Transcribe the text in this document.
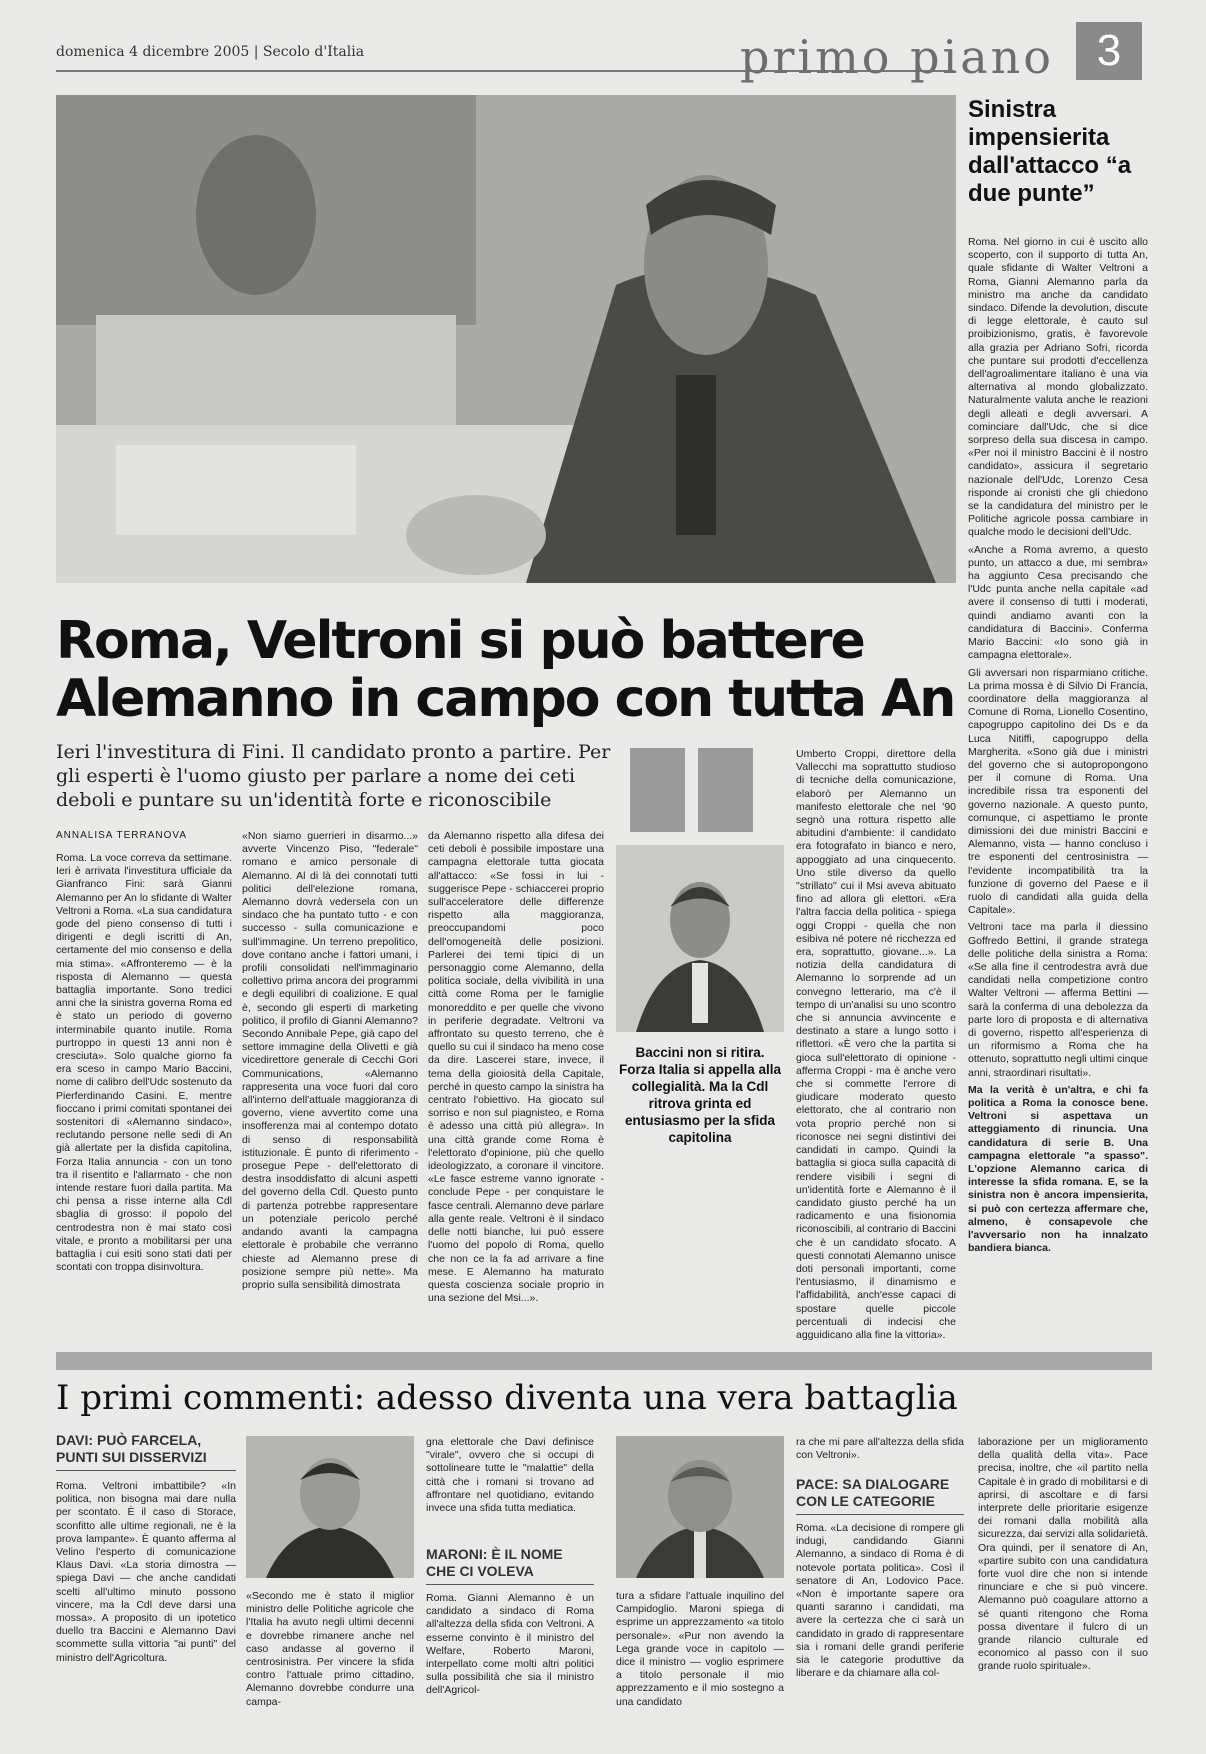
domenica 4 dicembre 2005 | Secolo d'Italia	primo piano 3
Sinistra impensierita dall'attacco “a due punte”

Roma. Nel giorno in cui è uscito allo scoperto, con il supporto di tutta An, quale sfidante di Walter Veltroni a Roma, Gianni Alemanno parla da ministro ma anche da candidato sindaco. Difende la devolution, discute di legge elettorale, è cauto sul proibizionismo, gratis, è favorevole alla grazia per Adriano Sofri, ricorda che puntare sui prodotti d'eccellenza dell'agroalimentare italiano è una via alternativa al mondo globalizzato. Naturalmente valuta anche le reazioni degli alleati e degli avversari. A cominciare dall'Udc, che si dice sorpreso della sua discesa in campo. «Per noi il ministro Baccini è il nostro candidato», assicura il segretario nazionale dell'Udc, Lorenzo Cesa risponde ai cronisti che gli chiedono se la candidatura del ministro per le Politiche agricole possa cambiare in qualche modo le decisioni dell'Udc.

«Anche a Roma avremo, a questo punto, un attacco a due, mi sembra» ha aggiunto Cesa precisando che l'Udc punta anche nella capitale «ad avere il consenso di tutti i moderati, quindi andiamo avanti con la candidatura di Baccini». Conferma Mario Baccini: «Io sono già in campagna elettorale».

Gli avversari non risparmiano critiche. La prima mossa è di Silvio Di Francia, coordinatore della maggioranza al Comune di Roma, Lionello Cosentino, capogruppo capitolino dei Ds e da Luca Nitiffi, capogruppo della Margherita. «Sono già due i ministri del governo che si autopropongono per il comune di Roma. Una incredibile rissa tra esponenti del governo nazionale. A questo punto, comunque, ci aspettiamo le pronte dimissioni dei due ministri Baccini e Alemanno, vista — hanno concluso i tre esponenti del centrosinistra — l'evidente incompatibilità tra la funzione di governo del Paese e il ruolo di candidati alla guida della Capitale».

Veltroni tace ma parla il diessino Goffredo Bettini, il grande stratega delle politiche della sinistra a Roma: «Se alla fine il centrodestra avrà due candidati nella competizione contro Walter Veltroni — afferma Bettini — sarà la conferma di una debolezza da parte loro di proposta e di alternativa di governo, rispetto all'esperienza di un riformismo a Roma che ha ottenuto, soprattutto negli ultimi cinque anni, straordinari risultati».

Ma la verità è un'altra, e chi fa politica a Roma la conosce bene. Veltroni si aspettava un atteggiamento di rinuncia. Una candidatura di serie B. Una campagna elettorale "a spasso". L'opzione Alemanno carica di interesse la sfida romana. E, se la sinistra non è ancora impensierita, si può con certezza affermare che, almeno, è consapevole che l'avversario non ha innalzato bandiera bianca.

Roma, Veltroni si può battere
Alemanno in campo con tutta An
Ieri l'investitura di Fini. Il candidato pronto a partire. Per gli esperti è l'uomo giusto per parlare a nome dei ceti deboli e puntare su un'identità forte e riconoscibile
ANNALISA TERRANOVA

Roma. La voce correva da settimane. Ieri è arrivata l'investitura ufficiale da Gianfranco Fini: sarà Gianni Alemanno per An lo sfidante di Walter Veltroni a Roma. «La sua candidatura gode del pieno consenso di tutti i dirigenti e degli iscritti di An, certamente del mio consenso e della mia stima». «Affronteremo — è la risposta di Alemanno — questa battaglia importante. Sono tredici anni che la sinistra governa Roma ed è stato un periodo di governo interminabile quanto inutile. Roma purtroppo in questi 13 anni non è cresciuta». Solo qualche giorno fa era sceso in campo Mario Baccini, nome di calibro dell'Udc sostenuto da Pierferdinando Casini. E, mentre fioccano i primi comitati spontanei dei sostenitori di «Alemanno sindaco», reclutando persone nelle sedi di An già allertate per la disfida capitolina, Forza Italia annuncia - con un tono tra il risentito e l'allarmato - che non intende restare fuori dalla partita. Ma chi pensa a risse interne alla Cdl sbaglia di grosso: il popolo del centrodestra non è mai stato così vitale, e pronto a mobilitarsi per una battaglia i cui esiti sono stati dati per scontati con troppa disinvoltura.

«Non siamo guerrieri in disarmo...» avverte Vincenzo Piso, "federale" romano e amico personale di Alemanno. Al di là dei connotati tutti politici dell'elezione romana, Alemanno dovrà vedersela con un sindaco che ha puntato tutto - e con successo - sulla comunicazione e sull'immagine. Un terreno prepolitico, dove contano anche i fattori umani, i profili consolidati nell'immaginario collettivo prima ancora dei programmi e degli equilibri di coalizione. E qual è, secondo gli esperti di marketing politico, il profilo di Gianni Alemanno? Secondo Annibale Pepe, già capo del settore immagine della Olivetti e già vicedirettore generale di Cecchi Gori Communications, «Alemanno rappresenta una voce fuori dal coro all'interno dell'attuale maggioranza di governo, viene avvertito come una insofferenza mai al contempo dotato di senso di responsabilità istituzionale. È punto di riferimento - prosegue Pepe - dell'elettorato di destra insoddisfatto di alcuni aspetti del governo della Cdl. Questo punto di partenza potrebbe rappresentare un potenziale pericolo perché andando avanti la campagna elettorale è probabile che verranno chieste ad Alemanno prese di posizione sempre più nette». Ma proprio sulla sensibilità dimostrata

da Alemanno rispetto alla difesa dei ceti deboli è possibile impostare una campagna elettorale tutta giocata all'attacco: «Se fossi in lui - suggerisce Pepe - schiaccerei proprio sull'acceleratore delle differenze rispetto alla maggioranza, preoccupandomi poco dell'omogeneità delle posizioni. Parlerei dei temi tipici di un personaggio come Alemanno, della politica sociale, della vivibilità in una città come Roma per le famiglie monoreddito e per quelle che vivono in periferie degradate. Veltroni va affrontato su questo terreno, che è quello su cui il sindaco ha meno cose da dire. Lascerei stare, invece, il tema della gioiosità della Capitale, perché in questo campo la sinistra ha centrato l'obiettivo. Ha giocato sul sorriso e non sul piagnisteo, e Roma è adesso una città più allegra». In una città grande come Roma è l'elettorato d'opinione, più che quello ideologizzato, a coronare il vincitore. «Le fasce estreme vanno ignorate - conclude Pepe - per conquistare le fasce centrali. Alemanno deve parlare alla gente reale. Veltroni è il sindaco delle notti bianche, lui può essere l'uomo del popolo di Roma, quello che non ce la fa ad arrivare a fine mese. E Alemanno ha maturato questa coscienza sociale proprio in una sezione del Msi...».

Baccini non si ritira. Forza Italia si appella alla collegialità. Ma la Cdl ritrova grinta ed entusiasmo per la sfida capitolina

Umberto Croppi, direttore della Vallecchi ma soprattutto studioso di tecniche della comunicazione, elaborò per Alemanno un manifesto elettorale che nel '90 segnò una rottura rispetto alle abitudini d'ambiente: il candidato era fotografato in bianco e nero, appoggiato ad una cinquecento. Uno stile diverso da quello "strillato" cui il Msi aveva abituato fino ad allora gli elettori. «Era l'altra faccia della politica - spiega oggi Croppi - quella che non esibiva né potere né ricchezza ed era, soprattutto, giovane...». La notizia della candidatura di Alemanno lo sorprende ad un convegno letterario, ma c'è il tempo di un'analisi su uno scontro che si annuncia avvincente e destinato a stare a lungo sotto i riflettori. «È vero che la partita si gioca sull'elettorato di opinione - afferma Croppi - ma è anche vero che si commette l'errore di giudicare moderato questo elettorato, che al contrario non vota proprio perché non si riconosce nei segni distintivi dei candidati in campo. Quindi la battaglia si gioca sulla capacità di rendere visibili i segni di un'identità forte e Alemanno è il candidato giusto perché ha un radicamento e una fisionomia riconoscibili, al contrario di Baccini che è un candidato sfocato. A questi connotati Alemanno unisce doti personali importanti, come l'entusiasmo, il dinamismo e l'affidabilità, anch'esse capaci di spostare quelle piccole percentuali di indecisi che agguidicano alla fine la vittoria».

I primi commenti: adesso diventa una vera battaglia
DAVI: PUÒ FARCELA, PUNTI SUI DISSERVIZI

Roma. Veltroni imbattibile? «In politica, non bisogna mai dare nulla per scontato. È il caso di Storace, sconfitto alle ultime regionali, ne è la prova lampante». È quanto afferma al Velino l'esperto di comunicazione Klaus Davi. «La storia dimostra — spiega Davi — che anche candidati scelti all'ultimo minuto possono vincere, ma la Cdl deve darsi una mossa». A proposito di un ipotetico duello tra Baccini e Alemanno Davi scommette sulla vittoria "ai punti" del ministro dell'Agricoltura.

«Secondo me è stato il miglior ministro delle Politiche agricole che l'Italia ha avuto negli ultimi decenni e dovrebbe rimanere anche nel caso andasse al governo il centrosinistra. Per vincere la sfida contro l'attuale primo cittadino, Alemanno dovrebbe condurre una campa-

gna elettorale che Davi definisce "virale", ovvero che si occupi di sottolineare tutte le "malattie" della città che i romani si trovano ad affrontare nel quotidiano, evitando invece una sfida tutta mediatica.

MARONI: È IL NOME CHE CI VOLEVA

Roma. Gianni Alemanno è un candidato a sindaco di Roma all'altezza della sfida con Veltroni. A esserne convinto è il ministro del Welfare, Roberto Maroni, interpellato come molti altri politici sulla possibilità che sia il ministro dell'Agricol-

tura a sfidare l'attuale inquilino del Campidoglio. Maroni spiega di esprime un apprezzamento «a titolo personale». «Pur non avendo la Lega grande voce in capitolo — dice il ministro — voglio esprimere a titolo personale il mio apprezzamento e il mio sostegno a una candidato

ra che mi pare all'altezza della sfida con Veltroni».

PACE: SA DIALOGARE CON LE CATEGORIE

Roma. «La decisione di rompere gli indugi, candidando Gianni Alemanno, a sindaco di Roma è di notevole portata politica». Così il senatore di An, Lodovico Pace. «Non è importante sapere ora quanti saranno i candidati, ma avere la certezza che ci sarà un candidato in grado di rappresentare sia i romani delle grandi periferie sia le categorie produttive da liberare e da chiamare alla col-

laborazione per un miglioramento della qualità della vita». Pace precisa, inoltre, che «il partito nella Capitale è in grado di mobilitarsi e di aprirsi, di ascoltare e di farsi interprete delle prioritarie esigenze dei romani dalla mobilità alla sicurezza, dai servizi alla solidarietà. Ora quindi, per il senatore di An, «partire subito con una candidatura forte vuol dire che non si intende rinunciare e che si può vincere. Alemanno può coagulare attorno a sé quanti ritengono che Roma possa diventare il fulcro di un grande rilancio culturale ed economico al passo con il suo grande ruolo spirituale».
